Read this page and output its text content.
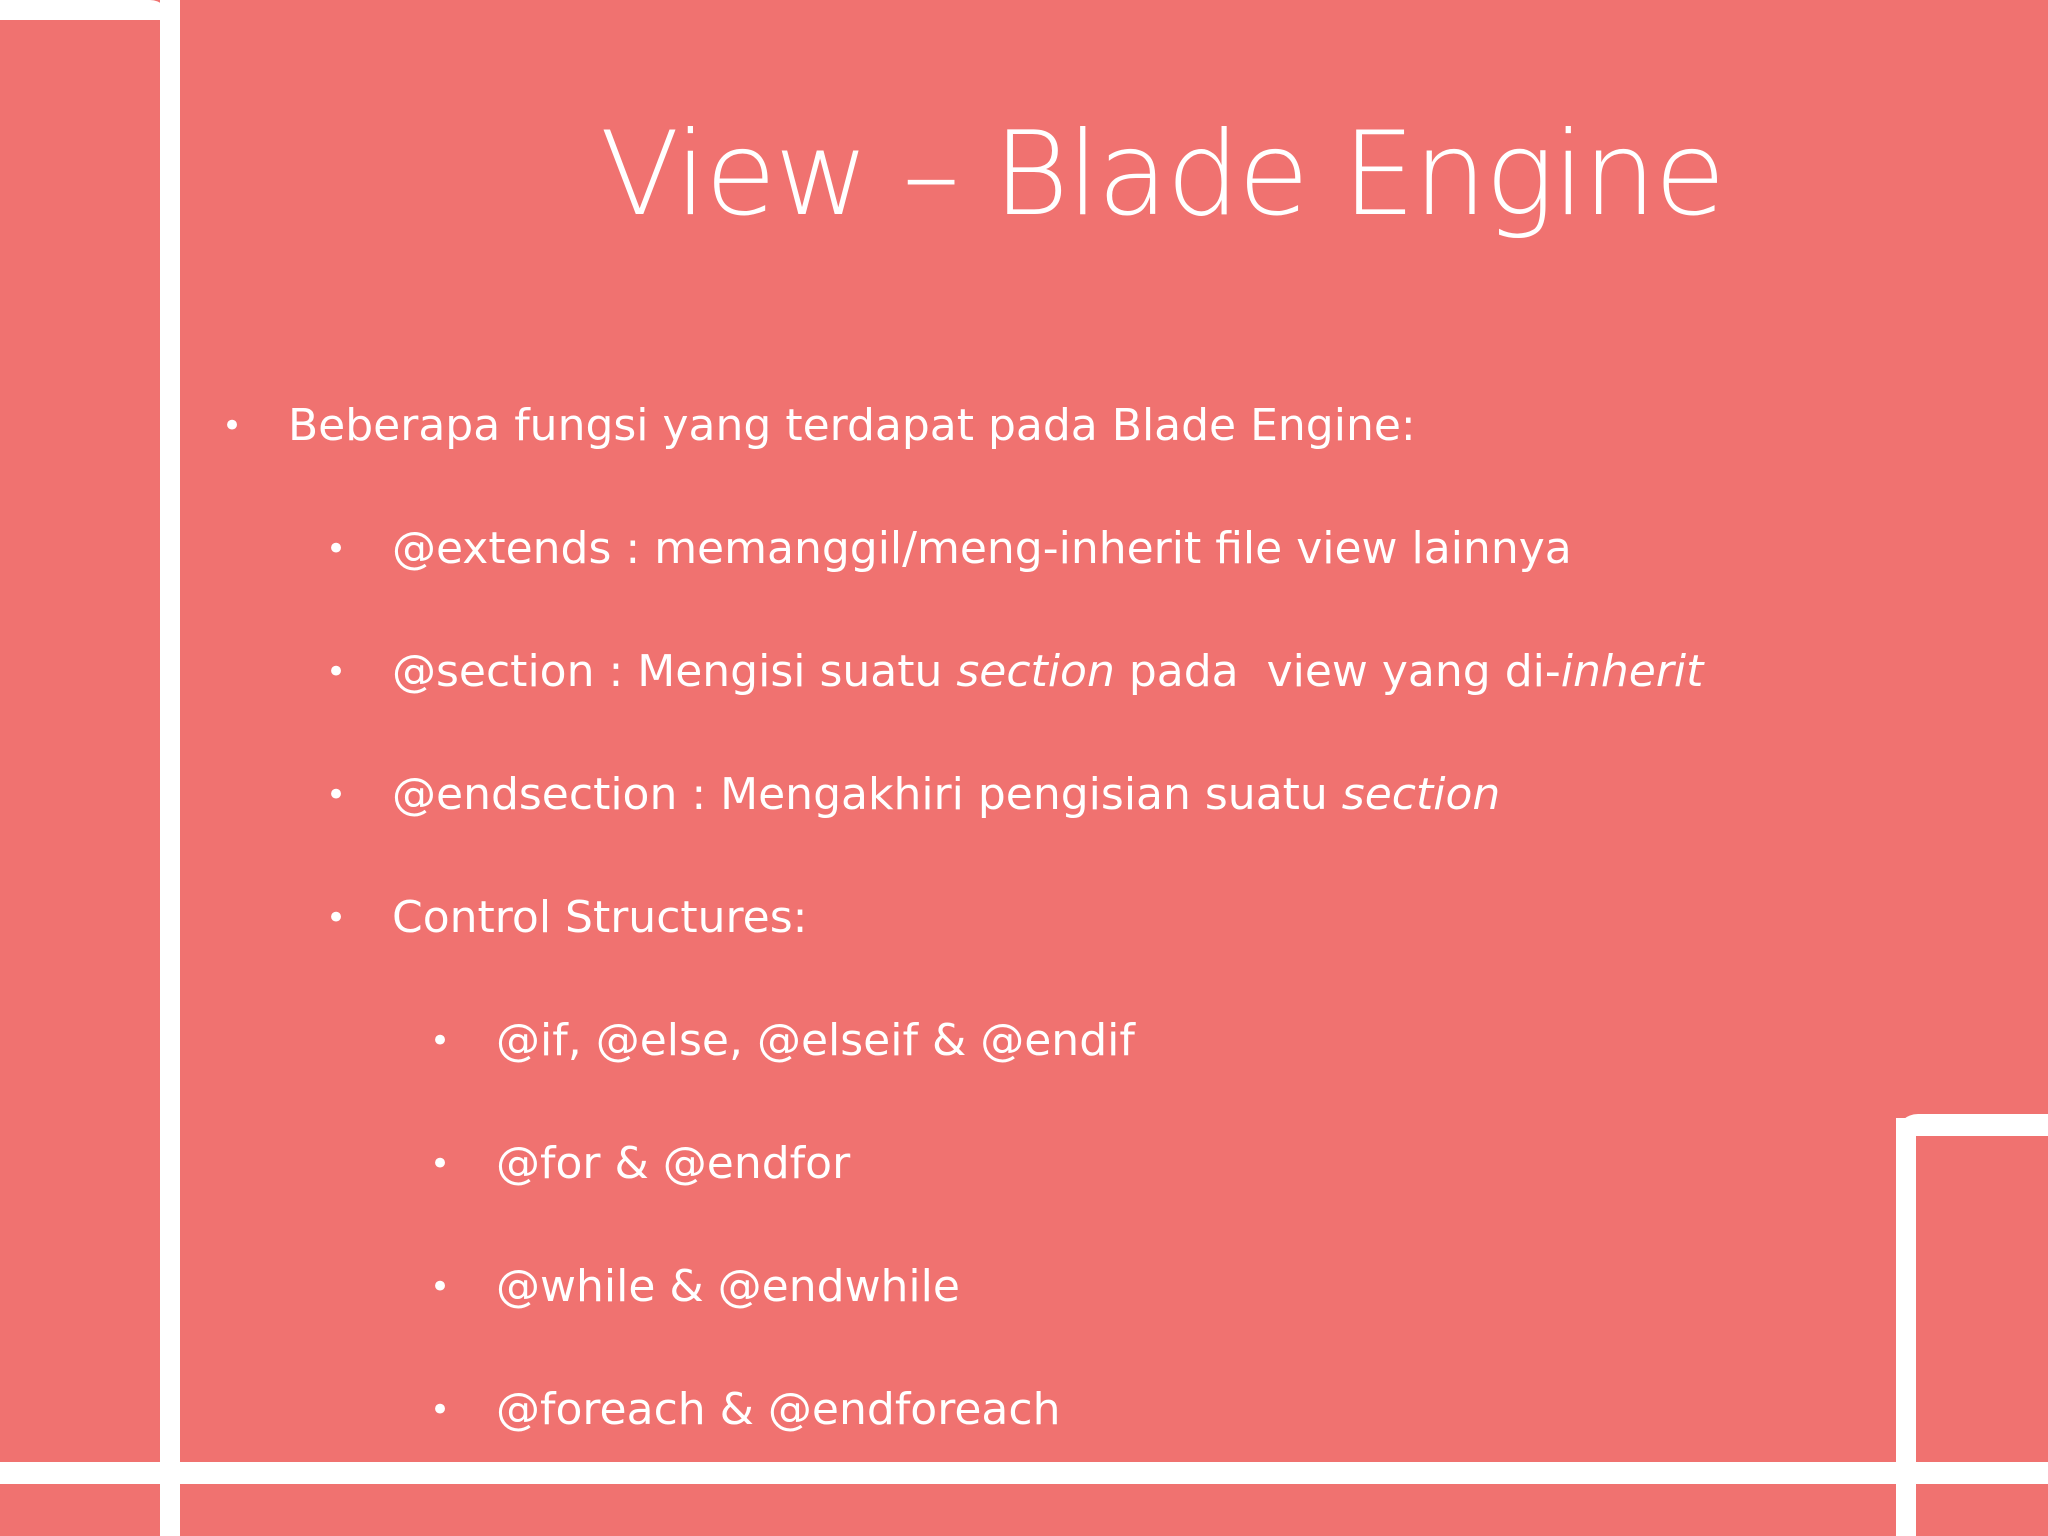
View – Blade Engine
• Beberapa fungsi yang terdapat pada Blade Engine:
• @extends : memanggil/meng-inherit file view lainnya
• @section : Mengisi suatu section pada  view yang di-inherit
• @endsection : Mengakhiri pengisian suatu section
• Control Structures:
• @if, @else, @elseif & @endif
• @for & @endfor
• @while & @endwhile
• @foreach & @endforeach
